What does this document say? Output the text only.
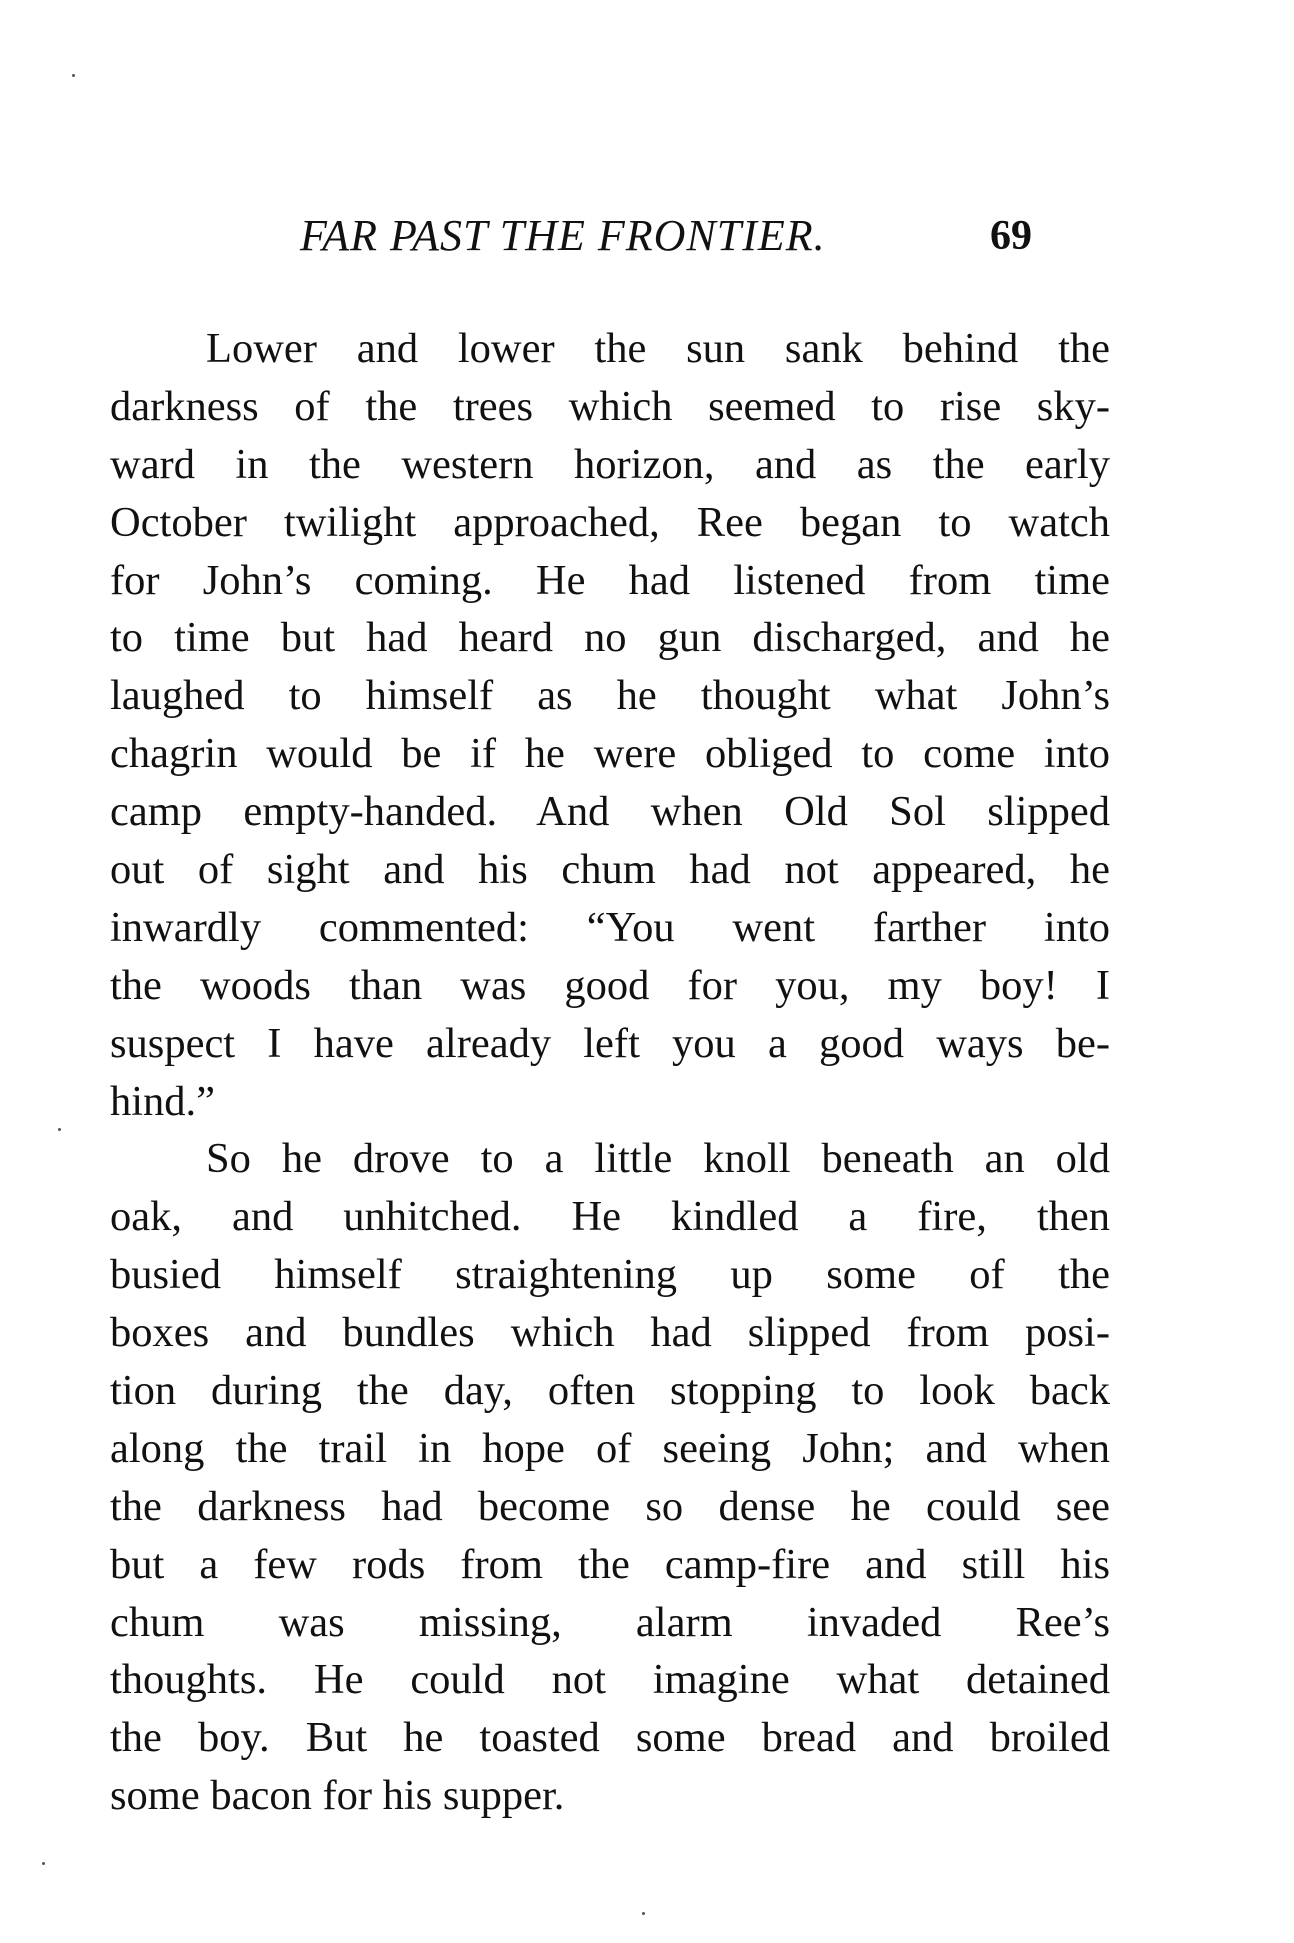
FAR PAST THE FRONTIER.	69
Lower and lower the sun sank behind the
darkness of the trees which seemed to rise sky-
ward in the western horizon, and as the early
October twilight approached, Ree began to watch
for John’s coming. He had listened from time
to time but had heard no gun discharged, and he
laughed to himself as he thought what John’s
chagrin would be if he were obliged to come into
camp empty-handed. And when Old Sol slipped
out of sight and his chum had not appeared, he
inwardly commented: “You went farther into
the woods than was good for you, my boy! I
suspect I have already left you a good ways be-
hind.”
So he drove to a little knoll beneath an old
oak, and unhitched. He kindled a fire, then
busied himself straightening up some of the
boxes and bundles which had slipped from posi-
tion during the day, often stopping to look back
along the trail in hope of seeing John; and when
the darkness had become so dense he could see
but a few rods from the camp-fire and still his
chum was missing, alarm invaded Ree’s
thoughts. He could not imagine what detained
the boy. But he toasted some bread and broiled
some bacon for his supper.
